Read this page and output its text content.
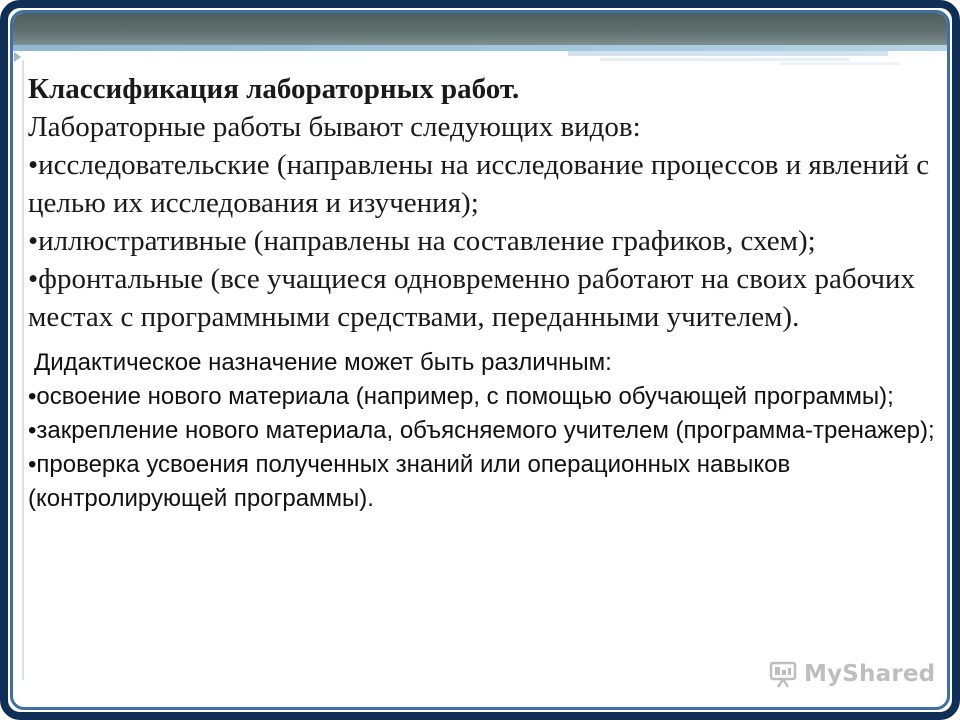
Классификация лабораторных работ.

Лабораторные работы бывают следующих видов:

•исследовательские (направлены на исследование процессов и явлений с целью их исследования и изучения);

•иллюстративные (направлены на составление графиков, схем);

•фронтальные (все учащиеся одновременно работают на своих рабочих местах с программными средствами, переданными учителем).

Дидактическое назначение может быть различным:

•освоение нового материала (например, с помощью обучающей программы);

•закрепление нового материала, объясняемого учителем (программа-тренажер);

•проверка усвоения полученных знаний или операционных навыков (контролирующей программы).

MyShared
